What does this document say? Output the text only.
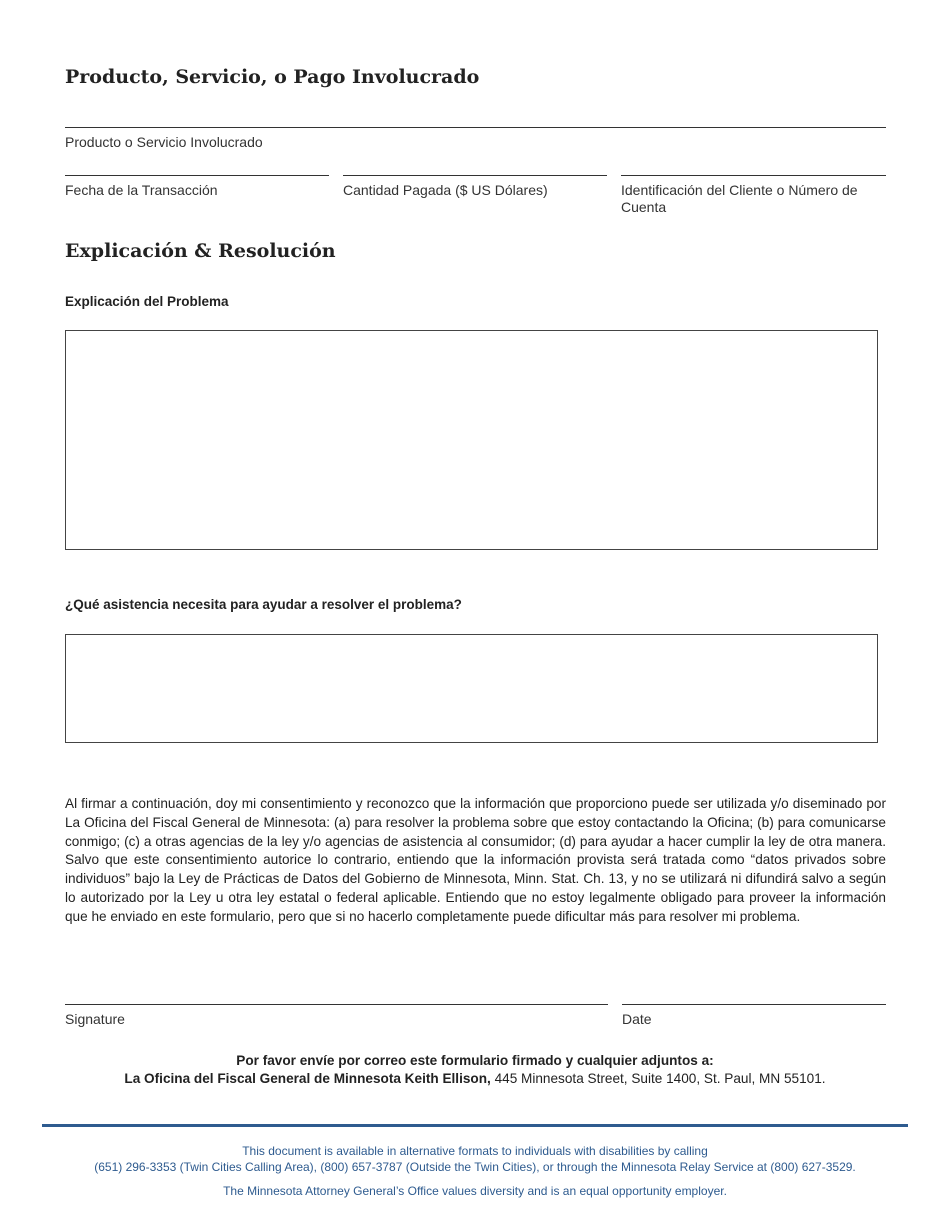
Producto, Servicio, o Pago Involucrado
Producto o Servicio Involucrado
Fecha de la Transacción	Cantidad Pagada ($ US Dólares)	Identificación del Cliente o Número de Cuenta
Explicación & Resolución
Explicación del Problema
¿Qué asistencia necesita para ayudar a resolver el problema?

Al firmar a continuación, doy mi consentimiento y reconozco que la información que proporciono puede ser utilizada y/o diseminado por La Oficina del Fiscal General de Minnesota: (a) para resolver la problema sobre que estoy contactando la Oficina; (b) para comunicarse conmigo; (c) a otras agencias de la ley y/o agencias de asistencia al consumidor; (d) para ayudar a hacer cumplir la ley de otra manera. Salvo que este consentimiento autorice lo contrario, entiendo que la información provista será tratada como “datos privados sobre individuos” bajo la Ley de Prácticas de Datos del Gobierno de Minnesota, Minn. Stat. Ch. 13, y no se utilizará ni difundirá salvo a según lo autorizado por la Ley u otra ley estatal o federal aplicable. Entiendo que no estoy legalmente obligado para proveer la información que he enviado en este formulario, pero que si no hacerlo completamente puede dificultar más para resolver mi problema.

Signature	Date
Por favor envíe por correo este formulario firmado y cualquier adjuntos a:
La Oficina del Fiscal General de Minnesota Keith Ellison, 445 Minnesota Street, Suite 1400, St. Paul, MN 55101.
This document is available in alternative formats to individuals with disabilities by calling
(651) 296-3353 (Twin Cities Calling Area), (800) 657-3787 (Outside the Twin Cities), or through the Minnesota Relay Service at (800) 627-3529.
The Minnesota Attorney General’s Office values diversity and is an equal opportunity employer.
